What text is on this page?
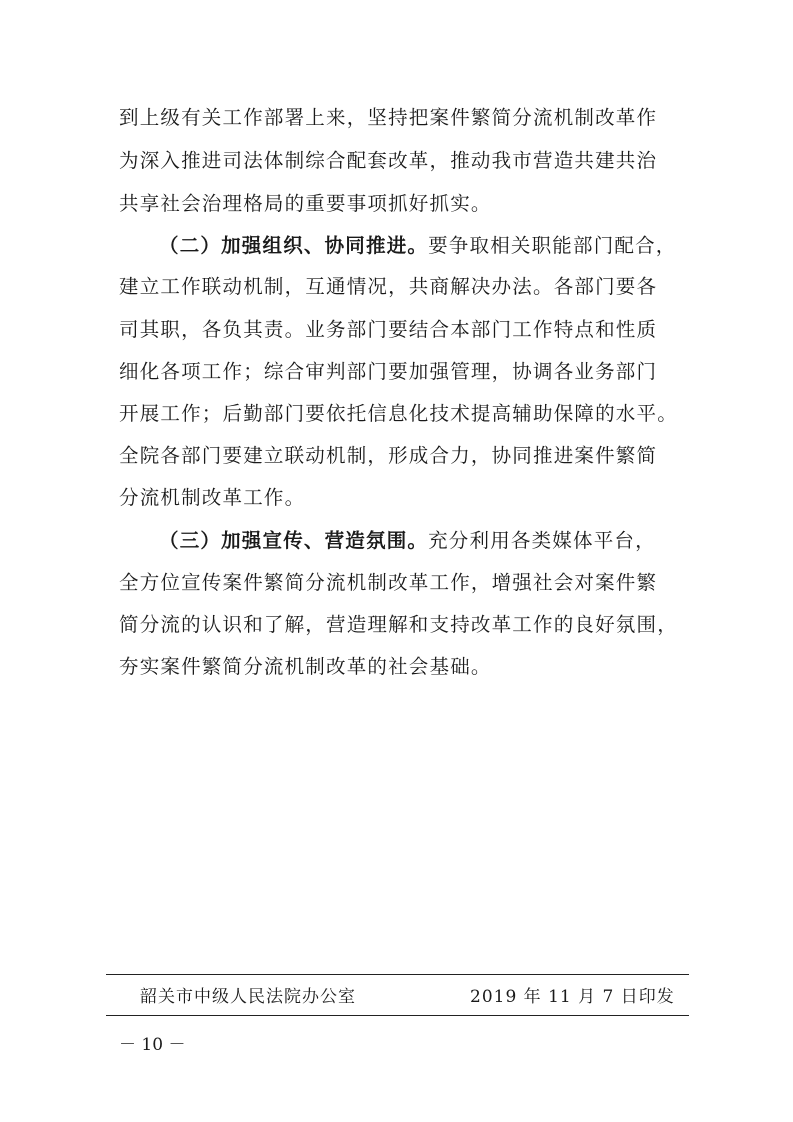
到上级有关工作部署上来，坚持把案件繁简分流机制改革作
为深入推进司法体制综合配套改革，推动我市营造共建共治
共享社会治理格局的重要事项抓好抓实。
（二）加强组织、协同推进。要争取相关职能部门配合，
建立工作联动机制，互通情况，共商解决办法。各部门要各
司其职，各负其责。业务部门要结合本部门工作特点和性质
细化各项工作；综合审判部门要加强管理，协调各业务部门
开展工作；后勤部门要依托信息化技术提高辅助保障的水平。
全院各部门要建立联动机制，形成合力，协同推进案件繁简
分流机制改革工作。
（三）加强宣传、营造氛围。充分利用各类媒体平台，
全方位宣传案件繁简分流机制改革工作，增强社会对案件繁
简分流的认识和了解，营造理解和支持改革工作的良好氛围，
夯实案件繁简分流机制改革的社会基础。
韶关市中级人民法院办公室	2019 年 11 月 7 日印发
－ 10 －
